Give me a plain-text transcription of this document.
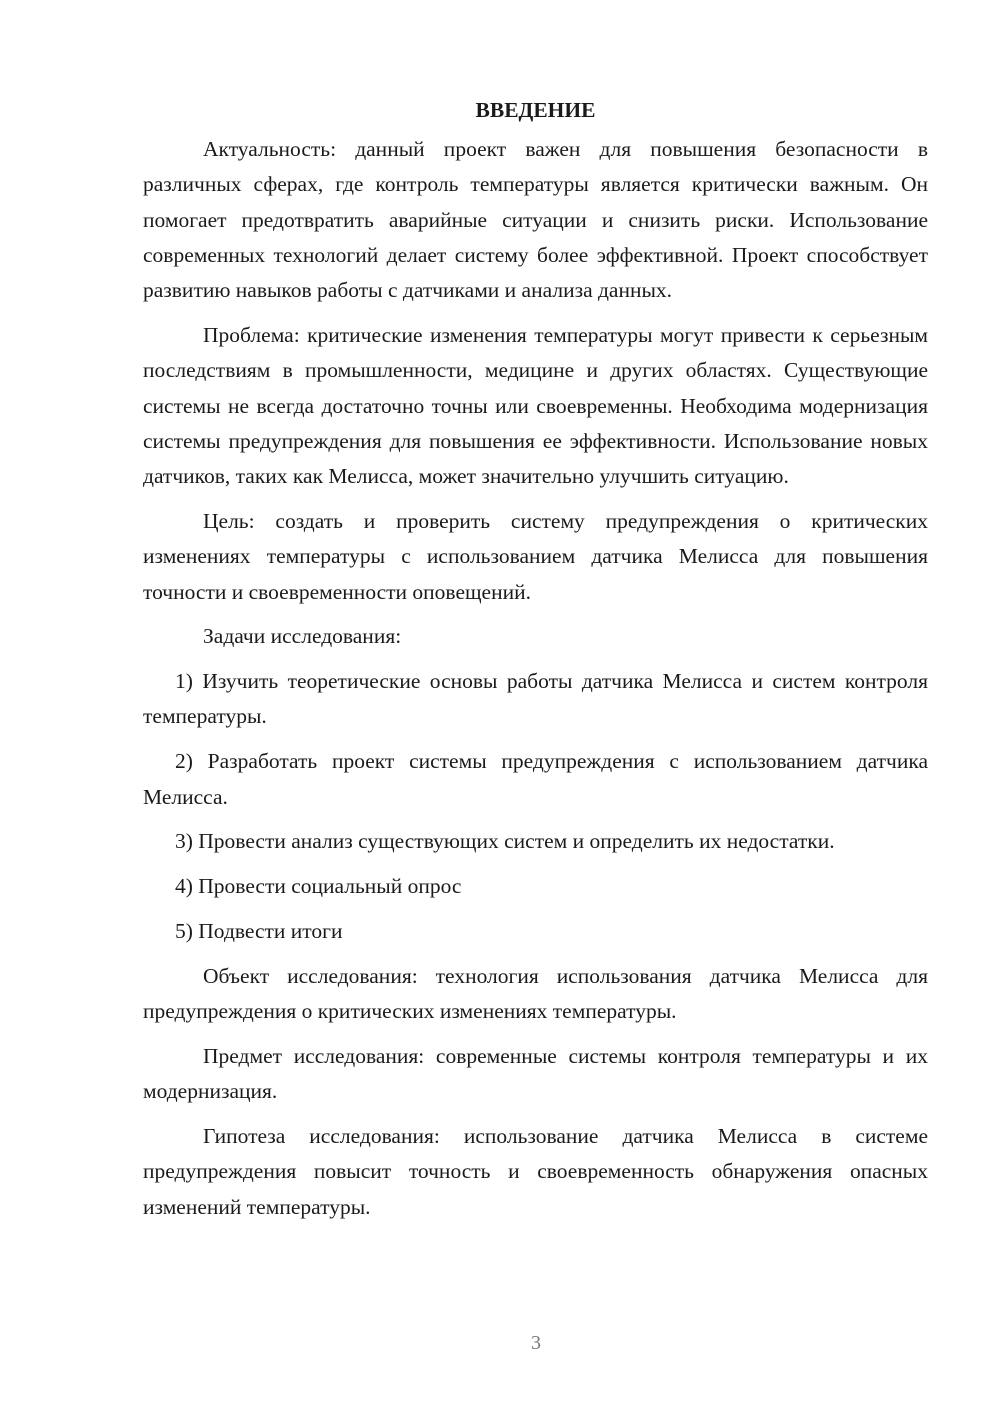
ВВЕДЕНИЕ

Актуальность: данный проект важен для повышения безопасности в различных сферах, где контроль температуры является критически важным. Он помогает предотвратить аварийные ситуации и снизить риски. Использование современных технологий делает систему более эффективной. Проект способствует развитию навыков работы с датчиками и анализа данных.

Проблема: критические изменения температуры могут привести к серьезным последствиям в промышленности, медицине и других областях. Существующие системы не всегда достаточно точны или своевременны. Необходима модернизация системы предупреждения для повышения ее эффективности. Использование новых датчиков, таких как Мелисса, может значительно улучшить ситуацию.

Цель: создать и проверить систему предупреждения о критических изменениях температуры с использованием датчика Мелисса для повышения точности и своевременности оповещений.

Задачи исследования:

1) Изучить теоретические основы работы датчика Мелисса и систем контроля температуры.

2) Разработать проект системы предупреждения с использованием датчика Мелисса.

3) Провести анализ существующих систем и определить их недостатки.

4) Провести социальный опрос

5) Подвести итоги

Объект исследования: технология использования датчика Мелисса для предупреждения о критических изменениях температуры.

Предмет исследования: современные системы контроля температуры и их модернизация.

Гипотеза исследования: использование датчика Мелисса в системе предупреждения повысит точность и своевременность обнаружения опасных изменений температуры.

3
